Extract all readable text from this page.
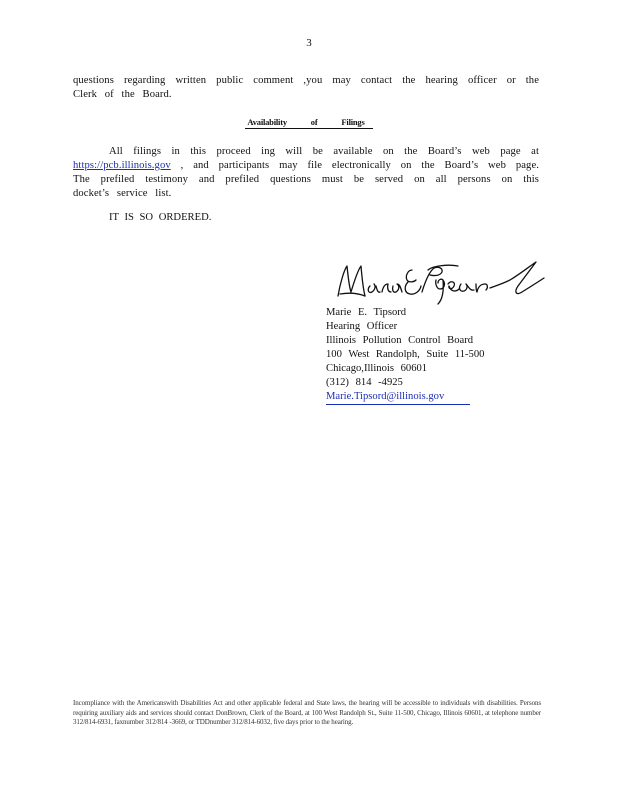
3
questions regarding written public comment ,you may contact the hearing officer or the Clerk of the Board.
Availability of Filings
All filings in this proceed ing will be available on the Board’s web page at https://pcb.illinois.gov , and participants may file electronically on the Board’s web page. The prefiled testimony and prefiled questions must be served on all persons on this docket’s service list.
IT IS SO ORDERED.
Marie E. Tipsord
Hearing Officer
Illinois Pollution Control Board
100 West Randolph, Suite 11-500
Chicago,Illinois 60601
(312) 814 -4925
Marie.Tipsord@illinois.gov
Incompliance with the Americanswith Disabilities Act and other applicable federal and State laws, the hearing will be accessible to individuals with disabilities. Persons requiring auxiliary aids and services should contact DonBrown, Clerk of the Board, at 100 West Randolph St., Suite 11-500, Chicago, Illinois 60601, at telephone number 312/814-6931, faxnumber 312/814 -3669, or TDDnumber 312/814-6032, five days prior to the hearing.
